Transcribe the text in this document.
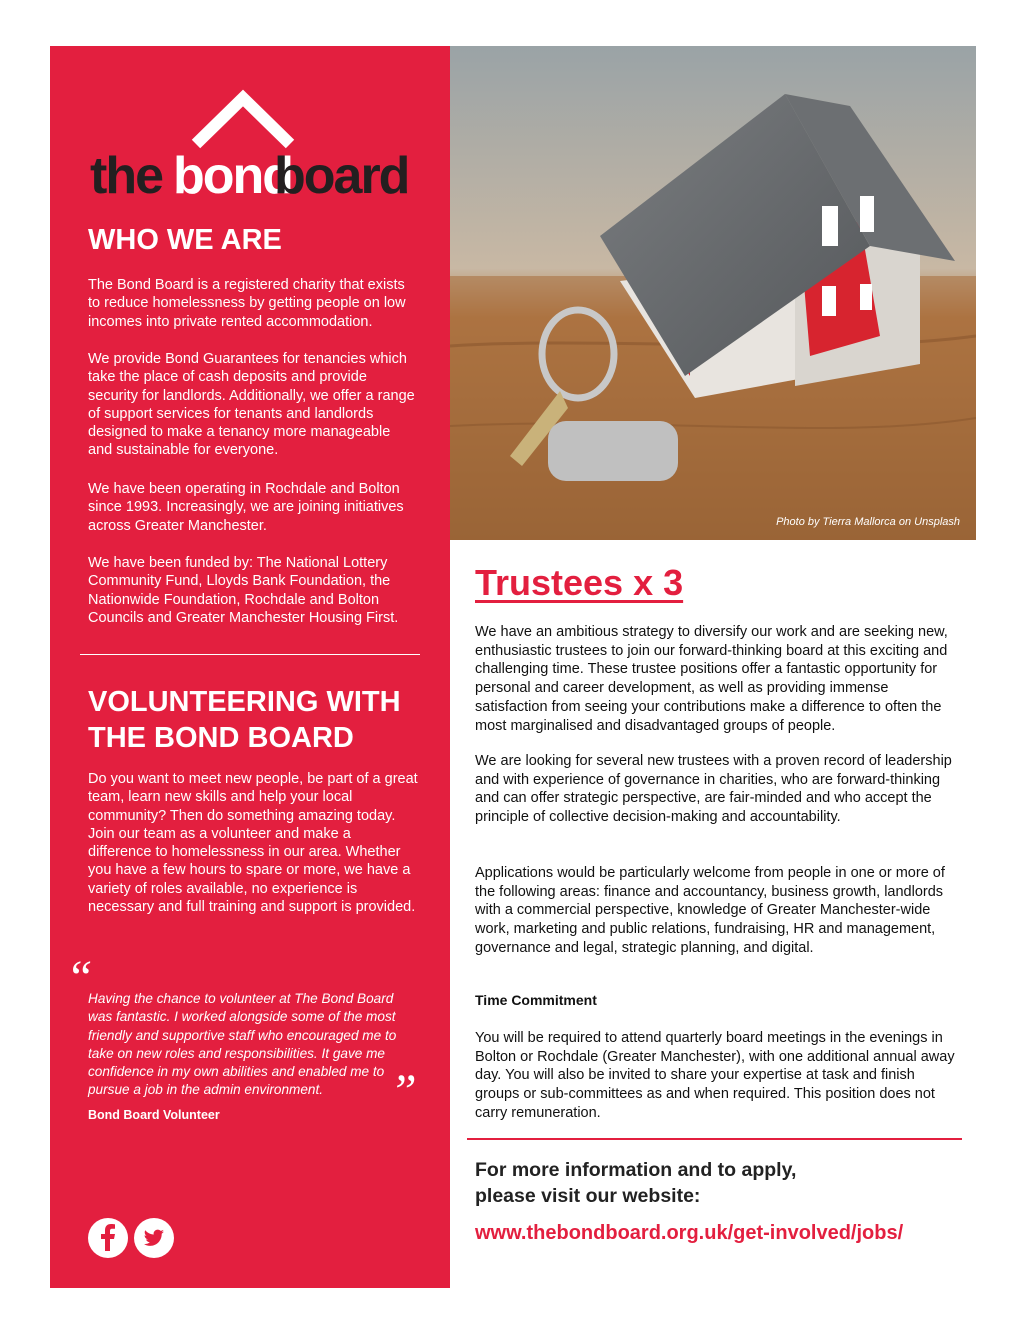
the bond
board
WHO WE ARE
The Bond Board is a registered charity that exists to reduce homelessness by getting people on low incomes into private rented accommodation.
We provide Bond Guarantees for tenancies which take the place of cash deposits and provide security for landlords. Additionally, we offer a range of support services for tenants and landlords designed to make a tenancy more manageable and sustainable for everyone.
We have been operating in Rochdale and Bolton since 1993. Increasingly, we are joining initiatives across Greater Manchester.
We have been funded by: The National Lottery Community Fund, Lloyds Bank Foundation, the Nationwide Foundation, Rochdale and Bolton Councils and Greater Manchester Housing First.
VOLUNTEERING WITH
THE BOND BOARD
Do you want to meet new people, be part of a great team, learn new skills and help your local community? Then do something amazing today. Join our team as a volunteer and make a difference to homelessness in our area. Whether you have a few hours to spare or more, we have a variety of roles available, no experience is necessary and full training and support is provided.
“
Having the chance to volunteer at The Bond Board was fantastic. I worked alongside some of the most friendly and supportive staff who encouraged me to take on new roles and responsibilities. It gave me confidence in my own abilities and enabled me to pursue a job in the admin environment.	”
Bond Board Volunteer
Photo by Tierra Mallorca on Unsplash
Trustees x 3
We have an ambitious strategy to diversify our work and are seeking new, enthusiastic trustees to join our forward-thinking board at this exciting and challenging time. These trustee positions offer a fantastic opportunity for personal and career development, as well as providing immense satisfaction from seeing your contributions make a difference to often the most marginalised and disadvantaged groups of people.
We are looking for several new trustees with a proven record of leadership and with experience of governance in charities, who are forward-thinking and can offer strategic perspective, are fair-minded and who accept the principle of collective decision-making and accountability.
Applications would be particularly welcome from people in one or more of the following areas: finance and accountancy, business growth, landlords with a commercial perspective, knowledge of Greater Manchester-wide work, marketing and public relations, fundraising, HR and management, governance and legal, strategic planning, and digital.
Time Commitment
You will be required to attend quarterly board meetings in the evenings in Bolton or Rochdale (Greater Manchester), with one additional annual away day. You will also be invited to share your expertise at task and finish groups or sub-committees as and when required. This position does not carry remuneration.
For more information and to apply,
please visit our website:
www.thebondboard.org.uk/get-involved/jobs/
